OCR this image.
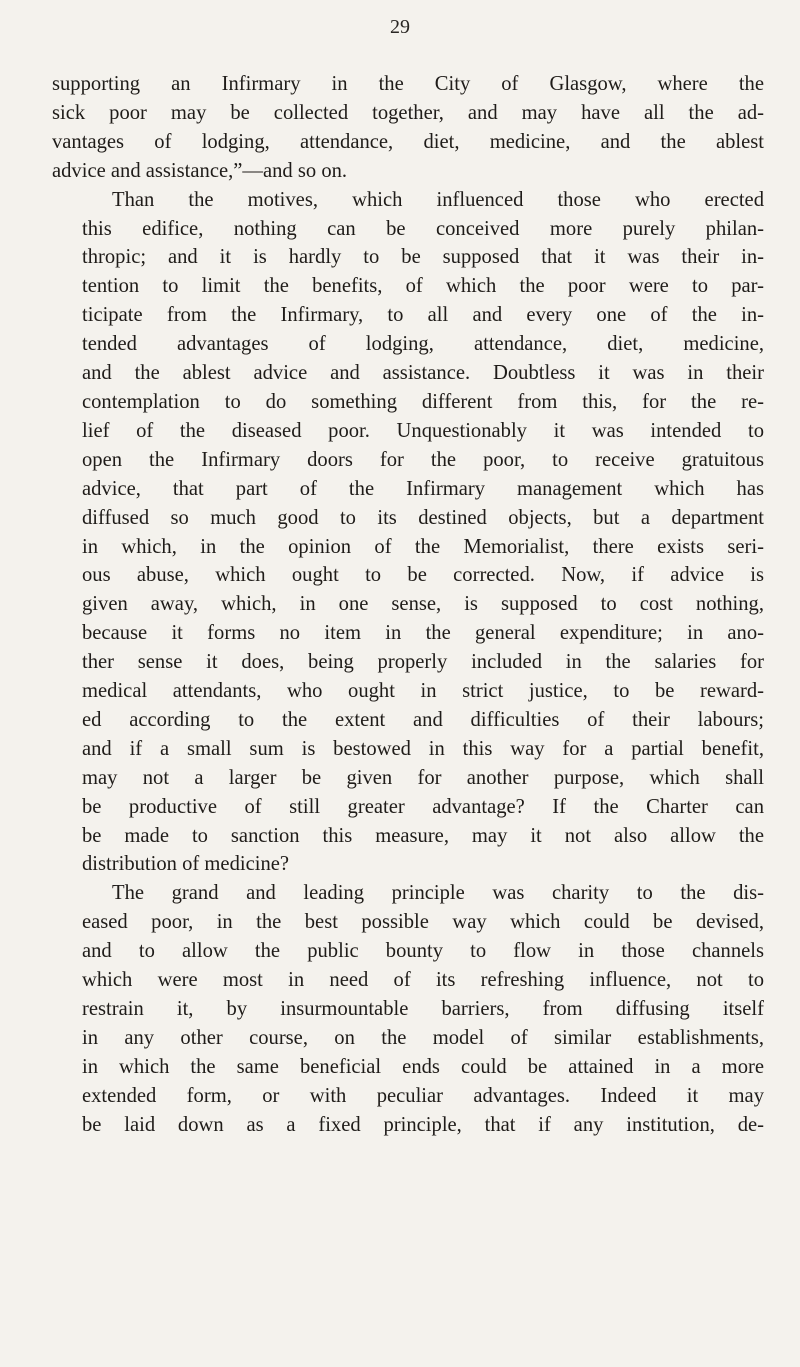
29

supporting an Infirmary in the City of Glasgow, where the
sick poor may be collected together, and may have all the ad-
vantages of lodging, attendance, diet, medicine, and the ablest
advice and assistance,”—and so on.

Than the motives, which influenced those who erected
this edifice, nothing can be conceived more purely philan-
thropic; and it is hardly to be supposed that it was their in-
tention to limit the benefits, of which the poor were to par-
ticipate from the Infirmary, to all and every one of the in-
tended advantages of lodging, attendance, diet, medicine,
and the ablest advice and assistance. Doubtless it was in their
contemplation to do something different from this, for the re-
lief of the diseased poor. Unquestionably it was intended to
open the Infirmary doors for the poor, to receive gratuitous
advice, that part of the Infirmary management which has
diffused so much good to its destined objects, but a department
in which, in the opinion of the Memorialist, there exists seri-
ous abuse, which ought to be corrected. Now, if advice is
given away, which, in one sense, is supposed to cost nothing,
because it forms no item in the general expenditure; in ano-
ther sense it does, being properly included in the salaries for
medical attendants, who ought in strict justice, to be reward-
ed according to the extent and difficulties of their labours;
and if a small sum is bestowed in this way for a partial benefit,
may not a larger be given for another purpose, which shall
be productive of still greater advantage? If the Charter can
be made to sanction this measure, may it not also allow the
distribution of medicine?

The grand and leading principle was charity to the dis-
eased poor, in the best possible way which could be devised,
and to allow the public bounty to flow in those channels
which were most in need of its refreshing influence, not to
restrain it, by insurmountable barriers, from diffusing itself
in any other course, on the model of similar establishments,
in which the same beneficial ends could be attained in a more
extended form, or with peculiar advantages. Indeed it may
be laid down as a fixed principle, that if any institution, de-
